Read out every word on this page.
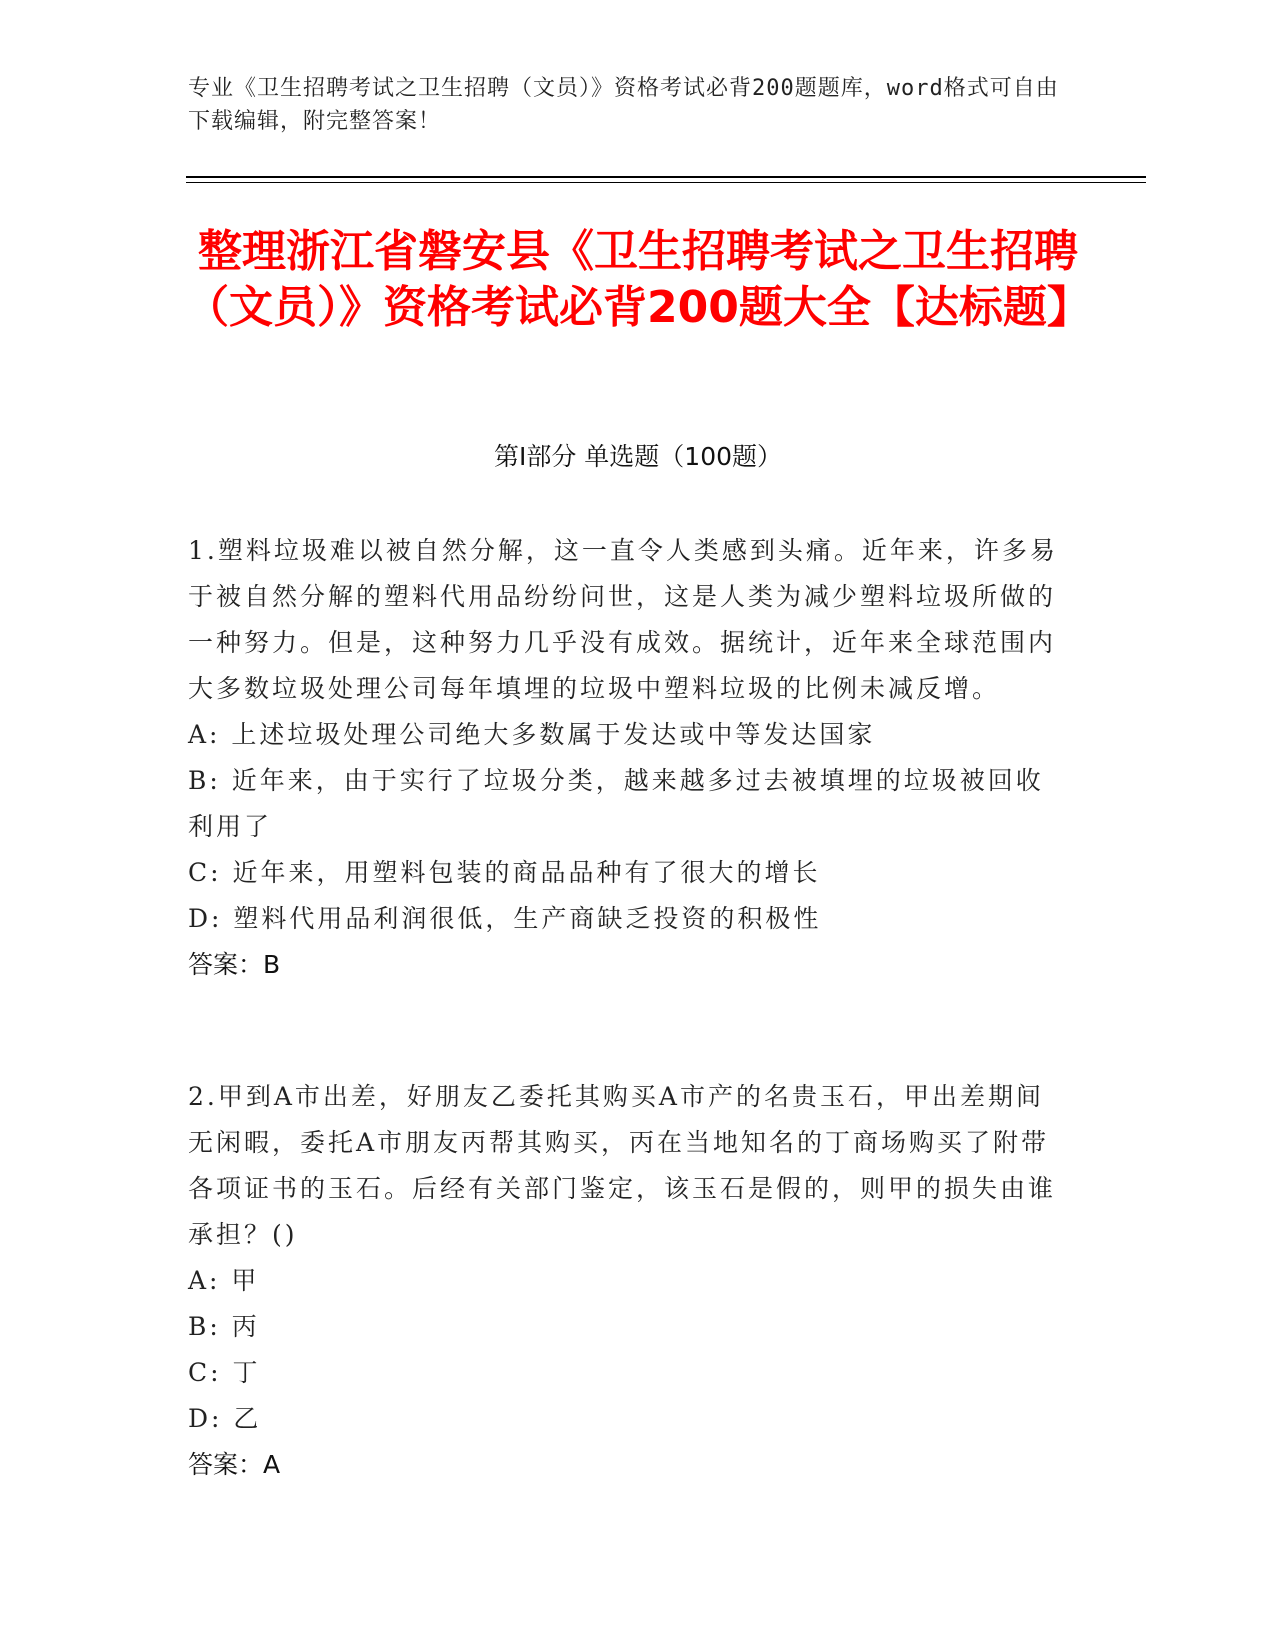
专业《卫生招聘考试之卫生招聘（文员）》资格考试必背200题题库，word格式可自由下载编辑，附完整答案！
整理浙江省磐安县《卫生招聘考试之卫生招聘（文员）》资格考试必背200题大全【达标题】
第I部分 单选题（100题）

1.塑料垃圾难以被自然分解，这一直令人类感到头痛。近年来，许多易于被自然分解的塑料代用品纷纷问世，这是人类为减少塑料垃圾所做的一种努力。但是，这种努力几乎没有成效。据统计，近年来全球范围内大多数垃圾处理公司每年填埋的垃圾中塑料垃圾的比例未减反增。

A: 上述垃圾处理公司绝大多数属于发达或中等发达国家

B: 近年来，由于实行了垃圾分类，越来越多过去被填埋的垃圾被回收利用了

C: 近年来，用塑料包装的商品品种有了很大的增长

D: 塑料代用品利润很低，生产商缺乏投资的积极性

答案：B

2.甲到A市出差，好朋友乙委托其购买A市产的名贵玉石，甲出差期间无闲暇，委托A市朋友丙帮其购买，丙在当地知名的丁商场购买了附带各项证书的玉石。后经有关部门鉴定，该玉石是假的，则甲的损失由谁承担？()

A: 甲

B: 丙

C: 丁

D: 乙

答案：A
